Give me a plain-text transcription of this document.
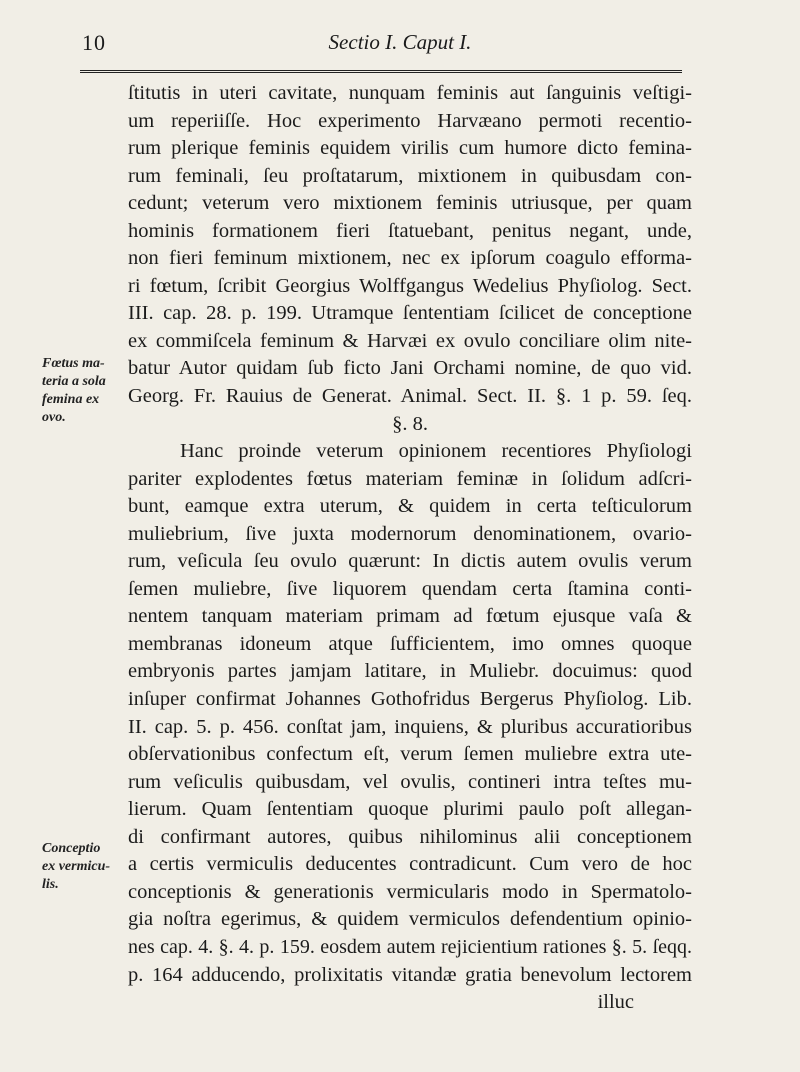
10	Sectio I. Caput I.
Fœtus ma-
teria a sola
femina ex
ovo.
Conceptio
ex vermicu-
lis.
ſtitutis in uteri cavitate, nunquam feminis aut ſanguinis veſtigi-
um reperiiſſe. Hoc experimento Harvæano permoti recentio-
rum plerique feminis equidem virilis cum humore dicto femina-
rum feminali, ſeu proſtatarum, mixtionem in quibusdam con-
cedunt; veterum vero mixtionem feminis utriusque, per quam
hominis formationem fieri ſtatuebant, penitus negant, unde,
non fieri feminum mixtionem, nec ex ipſorum coagulo efforma-
ri fœtum, ſcribit Georgius Wolffgangus Wedelius Phyſiolog. Sect.
III. cap. 28. p. 199. Utramque ſententiam ſcilicet de conceptione
ex commiſcela feminum & Harvæi ex ovulo conciliare olim nite-
batur Autor quidam ſub ficto Jani Orchami nomine, de quo vid.
Georg. Fr. Rauius de Generat. Animal. Sect. II. §. 1 p. 59. ſeq.
§. 8.
Hanc proinde veterum opinionem recentiores Phyſiologi
pariter explodentes fœtus materiam feminæ in ſolidum adſcri-
bunt, eamque extra uterum, & quidem in certa teſticulorum
muliebrium, ſive juxta modernorum denominationem, ovario-
rum, veſicula ſeu ovulo quærunt: In dictis autem ovulis verum
ſemen muliebre, ſive liquorem quendam certa ſtamina conti-
nentem tanquam materiam primam ad fœtum ejusque vaſa &
membranas idoneum atque ſufficientem, imo omnes quoque
embryonis partes jamjam latitare, in Muliebr. docuimus: quod
inſuper confirmat Johannes Gothofridus Bergerus Phyſiolog. Lib.
II. cap. 5. p. 456. conſtat jam, inquiens, & pluribus accuratioribus
obſervationibus confectum eſt, verum ſemen muliebre extra ute-
rum veſiculis quibusdam, vel ovulis, contineri intra teſtes mu-
lierum. Quam ſententiam quoque plurimi paulo poſt allegan-
di confirmant autores, quibus nihilominus alii conceptionem
a certis vermiculis deducentes contradicunt. Cum vero de hoc
conceptionis & generationis vermicularis modo in Spermatolo-
gia noſtra egerimus, & quidem vermiculos defendentium opinio-
nes cap. 4. §. 4. p. 159. eosdem autem rejicientium rationes §. 5. ſeqq.
p. 164 adducendo, prolixitatis vitandæ gratia benevolum lectorem
illuc
